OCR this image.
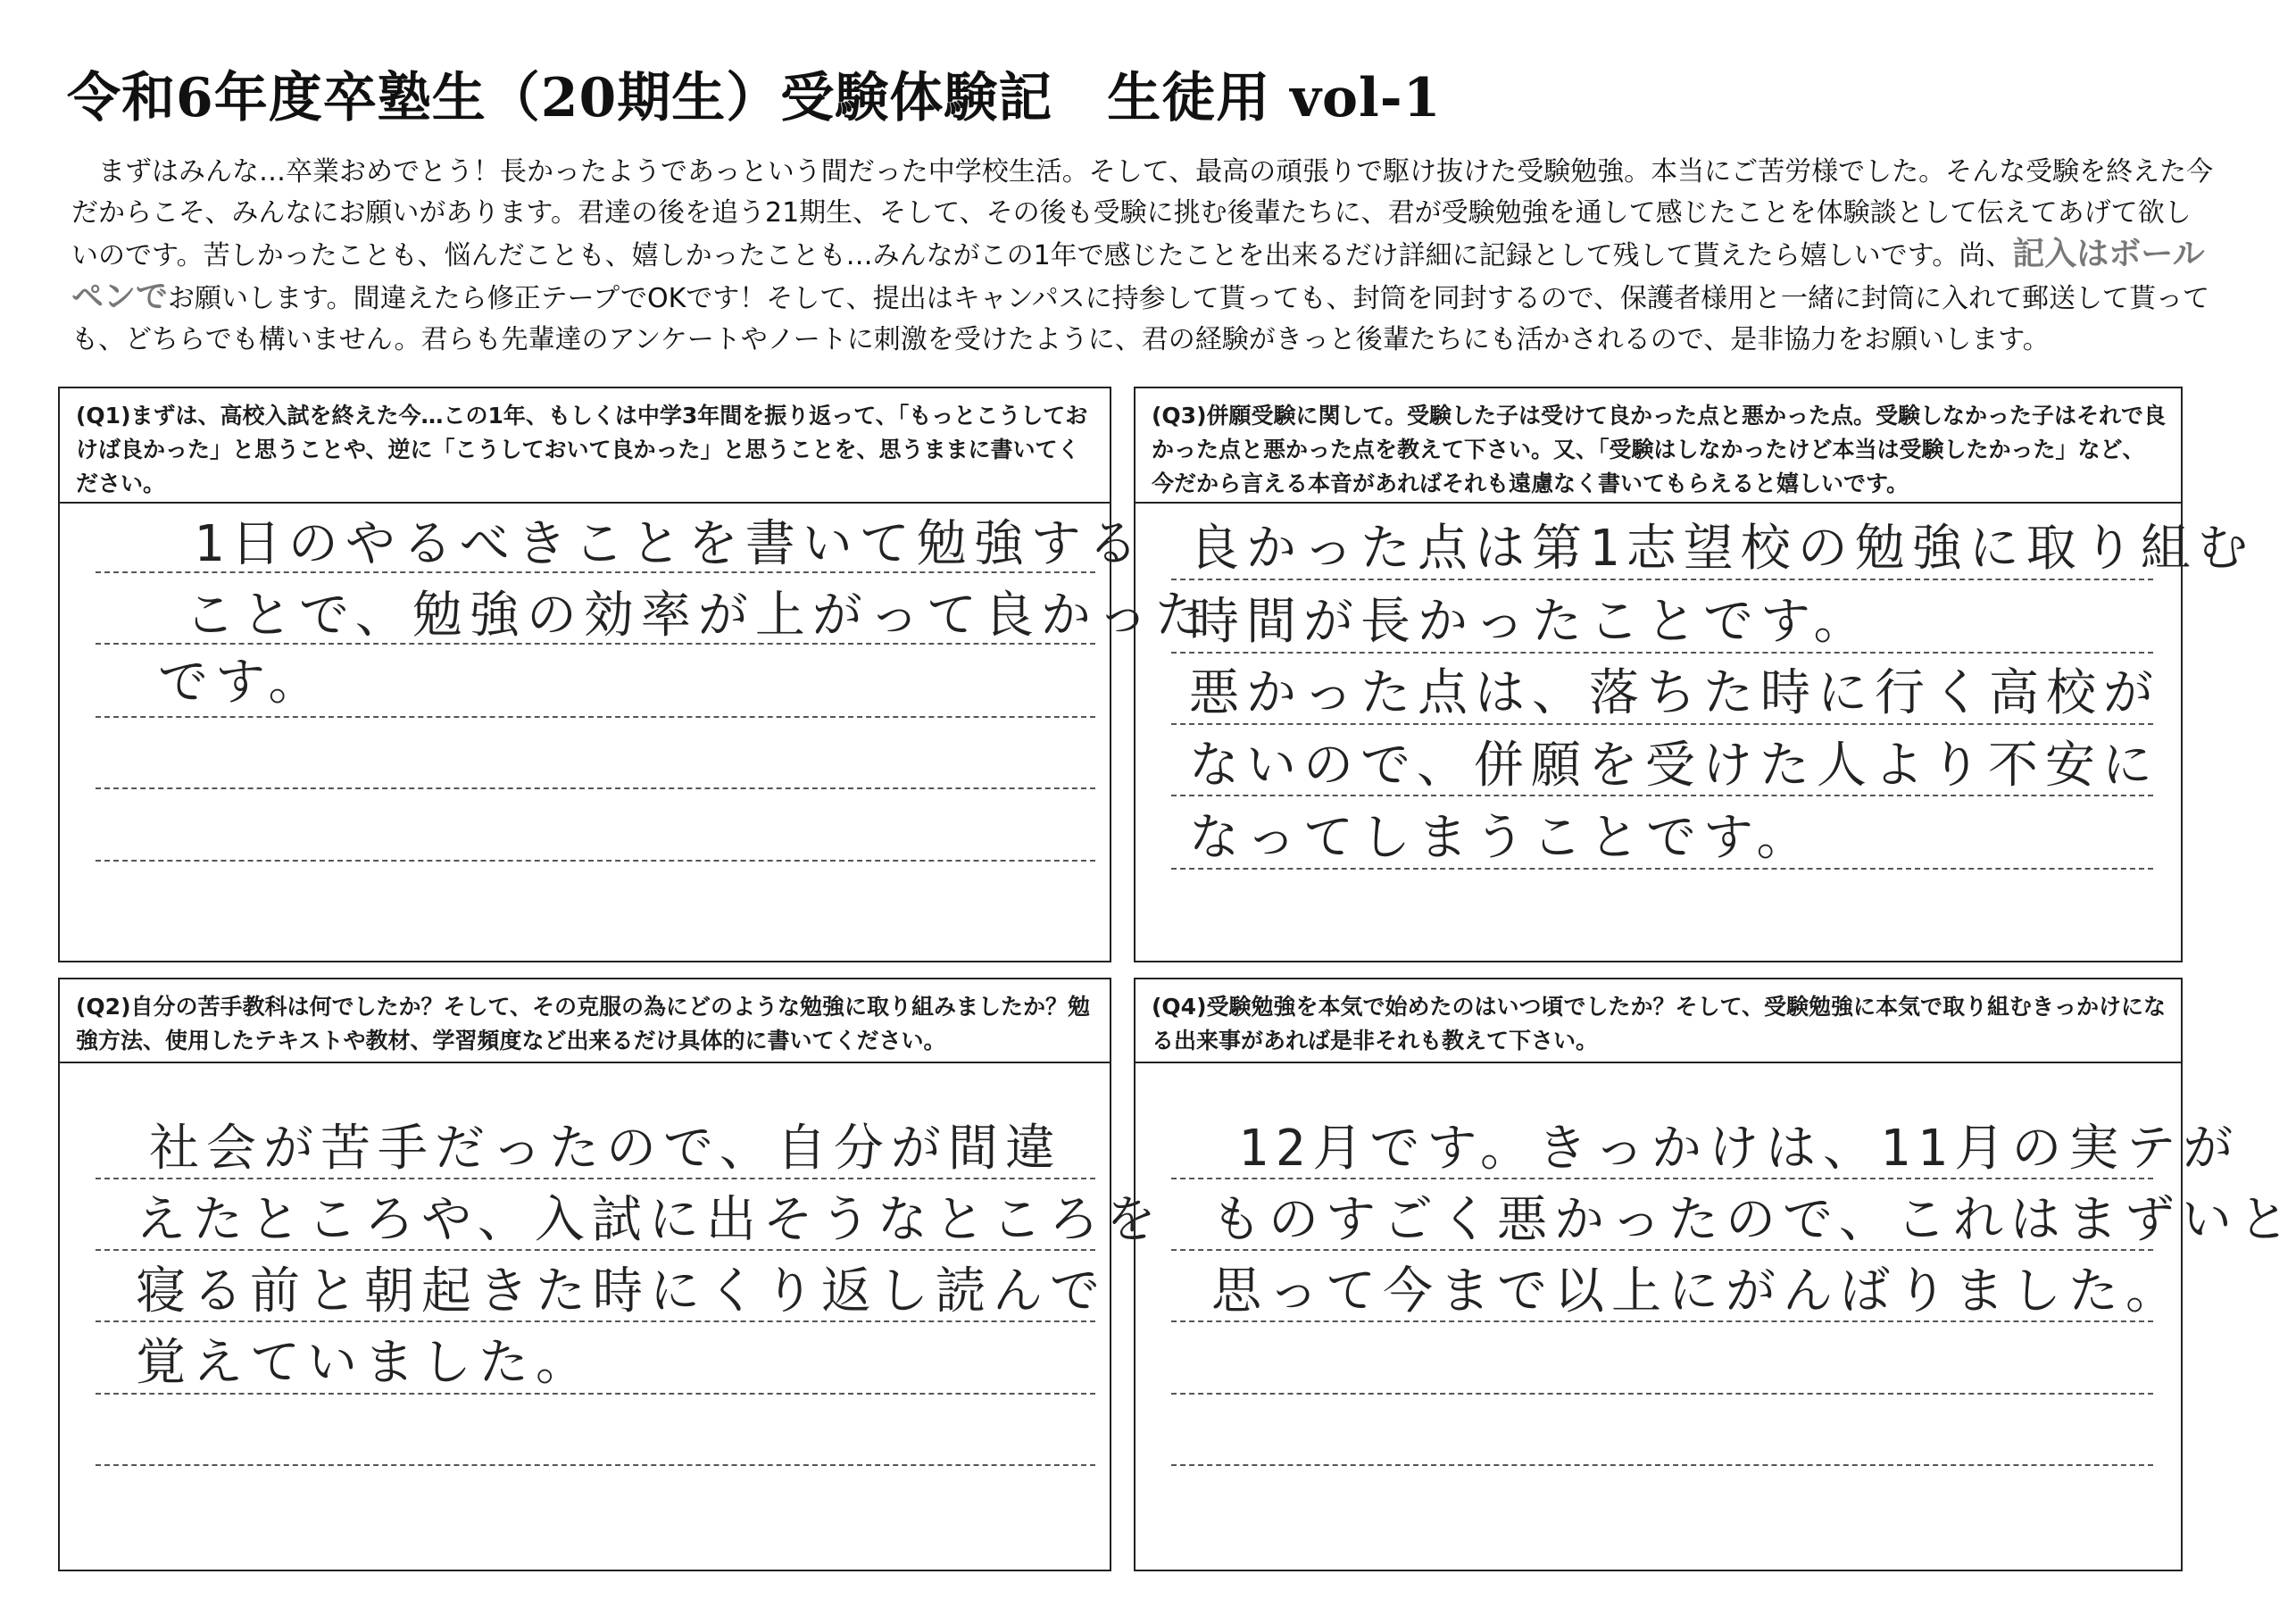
令和6年度卒塾生（20期生）受験体験記　生徒用 vol-1
まずはみんな…卒業おめでとう！長かったようであっという間だった中学校生活。そして、最高の頑張りで駆け抜けた受験勉強。本当にご苦労様でした。そんな受験を終えた今だからこそ、みんなにお願いがあります。君達の後を追う21期生、そして、その後も受験に挑む後輩たちに、君が受験勉強を通して感じたことを体験談として伝えてあげて欲しいのです。苦しかったことも、悩んだことも、嬉しかったことも…みんながこの1年で感じたことを出来るだけ詳細に記録として残して貰えたら嬉しいです。尚、記入はボールペンでお願いします。間違えたら修正テープでOKです！そして、提出はキャンパスに持参して貰っても、封筒を同封するので、保護者様用と一緒に封筒に入れて郵送して貰っても、どちらでも構いません。君らも先輩達のアンケートやノートに刺激を受けたように、君の経験がきっと後輩たちにも活かされるので、是非協力をお願いします。
(Q1)まずは、高校入試を終えた今…この1年、もしくは中学3年間を振り返って、「もっとこうしておけば良かった」と思うことや、逆に「こうしておいて良かった」と思うことを、思うままに書いてください。
1日のやるべきことを書いて勉強する
ことで、勉強の効率が上がって良かった
です。
(Q3)併願受験に関して。受験した子は受けて良かった点と悪かった点。受験しなかった子はそれで良かった点と悪かった点を教えて下さい。又、「受験はしなかったけど本当は受験したかった」など、今だから言える本音があればそれも遠慮なく書いてもらえると嬉しいです。
良かった点は第1志望校の勉強に取り組む
時間が長かったことです。
悪かった点は、落ちた時に行く高校が
ないので、併願を受けた人より不安に
なってしまうことです。
(Q2)自分の苦手教科は何でしたか？そして、その克服の為にどのような勉強に取り組みましたか？勉強方法、使用したテキストや教材、学習頻度など出来るだけ具体的に書いてください。
社会が苦手だったので、自分が間違
えたところや、入試に出そうなところを
寝る前と朝起きた時にくり返し読んで
覚えていました。
(Q4)受験勉強を本気で始めたのはいつ頃でしたか？そして、受験勉強に本気で取り組むきっかけになる出来事があれば是非それも教えて下さい。
12月です。きっかけは、11月の実テが
ものすごく悪かったので、これはまずいと
思って今まで以上にがんばりました。
